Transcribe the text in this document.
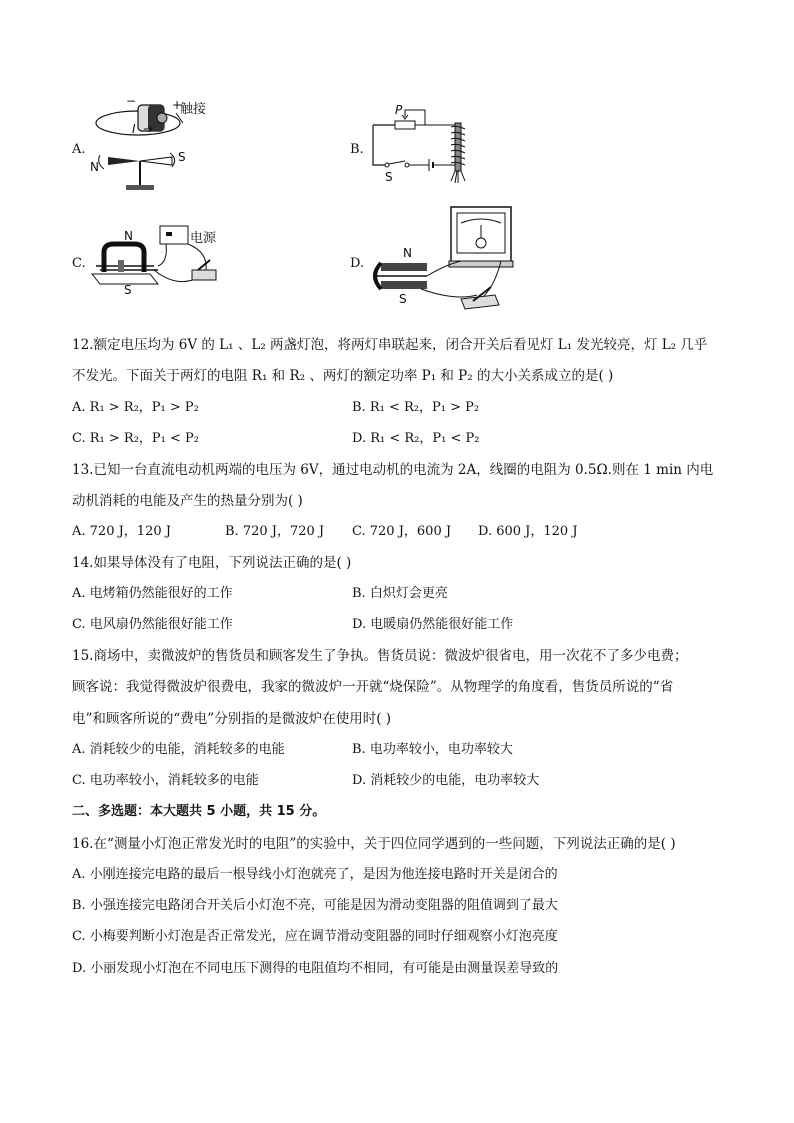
A.
−	+
触接
I
N
S	B.
P
S
C.
N
S
电源
D.
N
S
12.额定电压均为 6V 的 L₁ 、L₂ 两盏灯泡，将两灯串联起来，闭合开关后看见灯 L₁ 发光较亮，灯 L₂ 几乎
不发光。下面关于两灯的电阻 R₁ 和 R₂ 、两灯的额定功率 P₁ 和 P₂ 的大小关系成立的是( )
A. R₁ > R₂，P₁ > P₂	B. R₁ < R₂，P₁ > P₂
C. R₁ > R₂，P₁ < P₂	D. R₁ < R₂，P₁ < P₂
13.已知一台直流电动机两端的电压为 6V，通过电动机的电流为 2A，线圈的电阻为 0.5Ω.则在 1 min 内电
动机消耗的电能及产生的热量分别为( )
A. 720 J，120 J	B. 720 J，720 J C. 720 J，600 J D. 600 J，120 J
14.如果导体没有了电阻，下列说法正确的是( )
A. 电烤箱仍然能很好的工作	B. 白炽灯会更亮
C. 电风扇仍然能很好能工作	D. 电暖扇仍然能很好能工作
15.商场中，卖微波炉的售货员和顾客发生了争执。售货员说：微波炉很省电，用一次花不了多少电费；
顾客说：我觉得微波炉很费电，我家的微波炉一开就“烧保险”。从物理学的角度看，售货员所说的“省
电”和顾客所说的“费电”分别指的是微波炉在使用时( )
A. 消耗较少的电能，消耗较多的电能	B. 电功率较小，电功率较大
C. 电功率较小，消耗较多的电能	D. 消耗较少的电能，电功率较大
二、多选题：本大题共 5 小题，共 15 分。
16.在“测量小灯泡正常发光时的电阻”的实验中，关于四位同学遇到的一些问题，下列说法正确的是( )
A. 小刚连接完电路的最后一根导线小灯泡就亮了，是因为他连接电路时开关是闭合的
B. 小强连接完电路闭合开关后小灯泡不亮，可能是因为滑动变阻器的阻值调到了最大
C. 小梅要判断小灯泡是否正常发光，应在调节滑动变阻器的同时仔细观察小灯泡亮度
D. 小丽发现小灯泡在不同电压下测得的电阻值均不相同，有可能是由测量误差导致的
